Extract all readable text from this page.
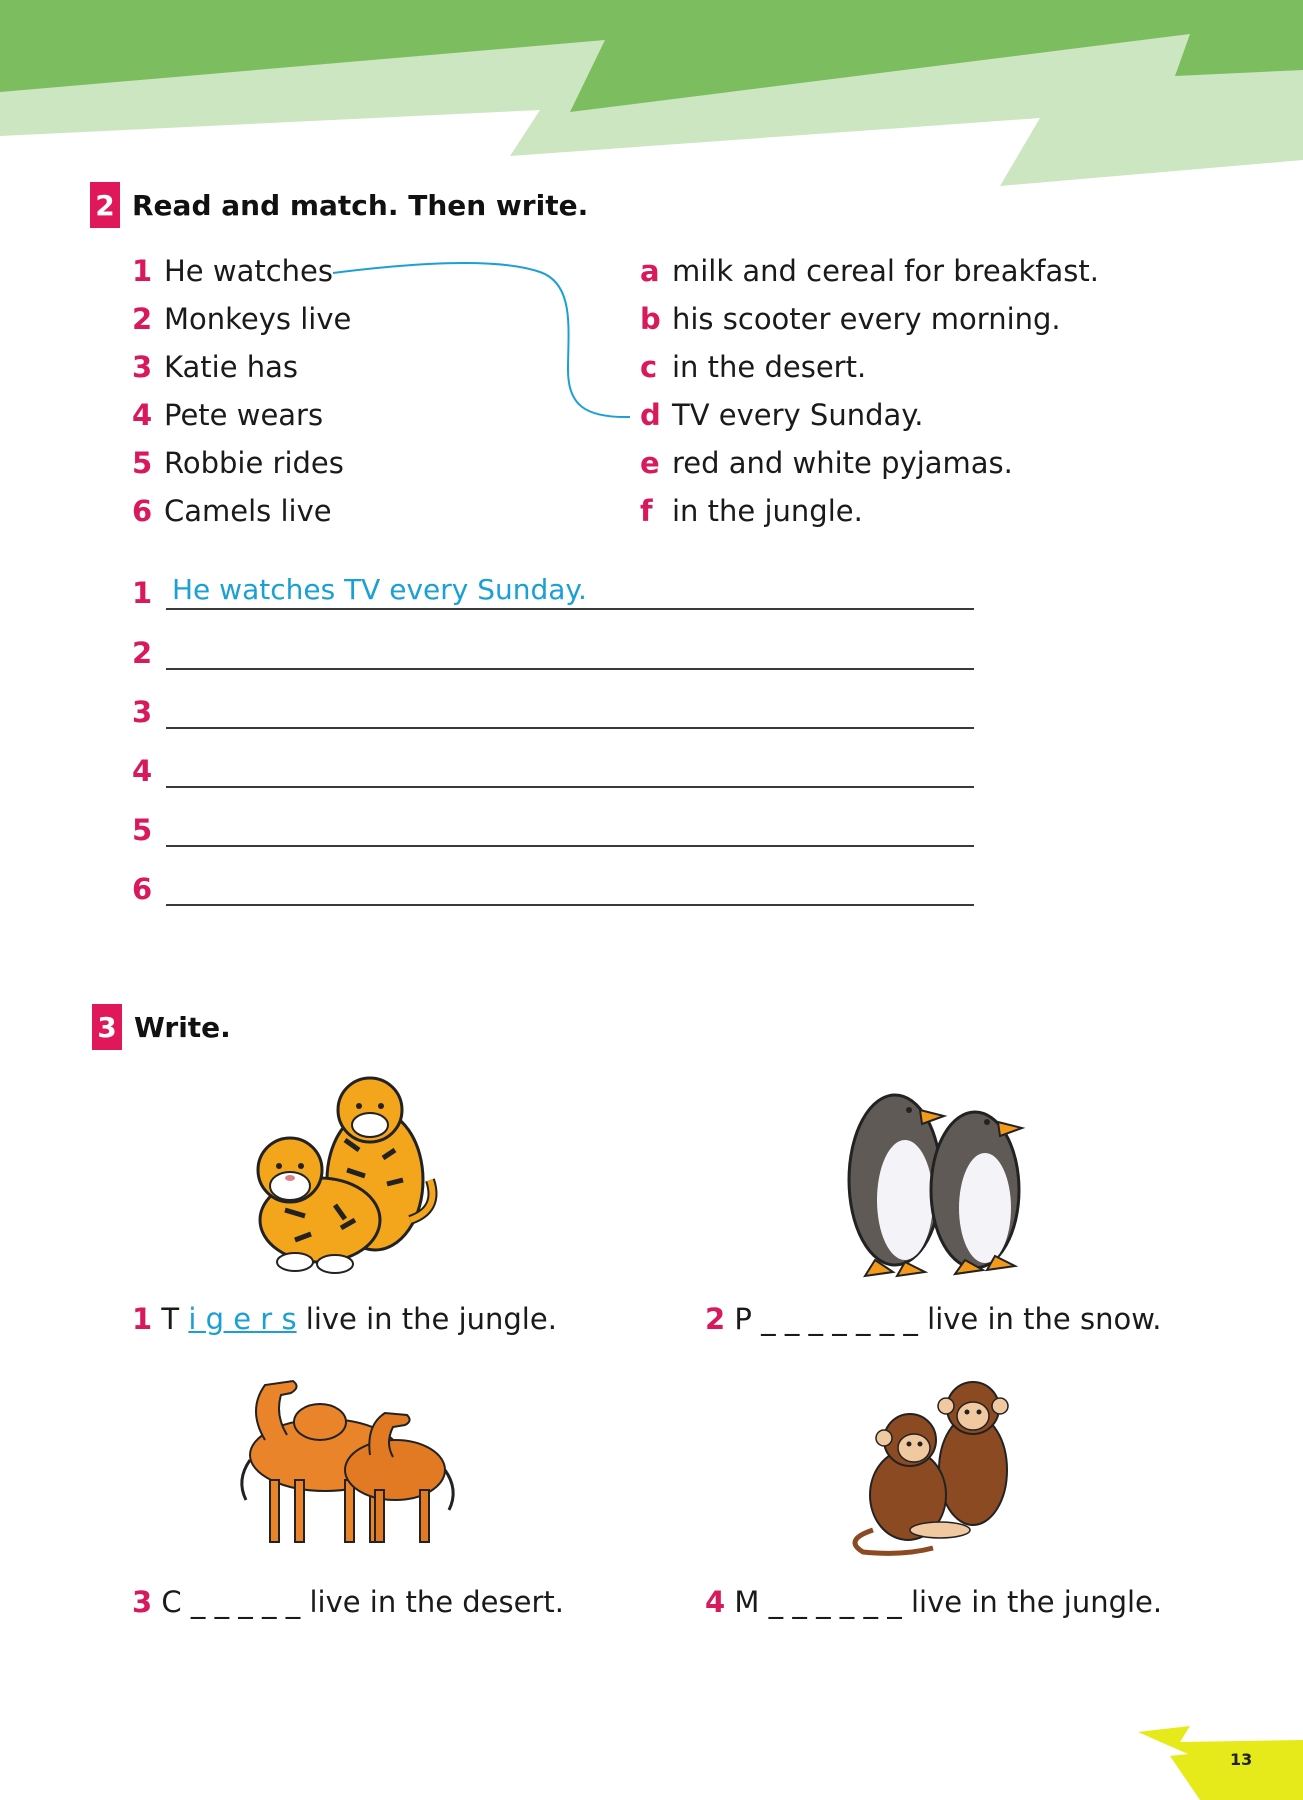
2 Read and match. Then write.
1 He watches
2 Monkeys live
3 Katie has
4 Pete wears
5 Robbie rides
6 Camels live
a milk and cereal for breakfast.
b his scooter every morning.
c in the desert.
d TV every Sunday.
e red and white pyjamas.
f in the jungle.
1 He watches TV every Sunday.
2
3
4
5
6
3 Write.
1 T i g e r s live in the jungle.	2 P _ _ _ _ _ _ _ live in the snow.
3 C _ _ _ _ _ live in the desert.	4 M _ _ _ _ _ _ live in the jungle.
13
